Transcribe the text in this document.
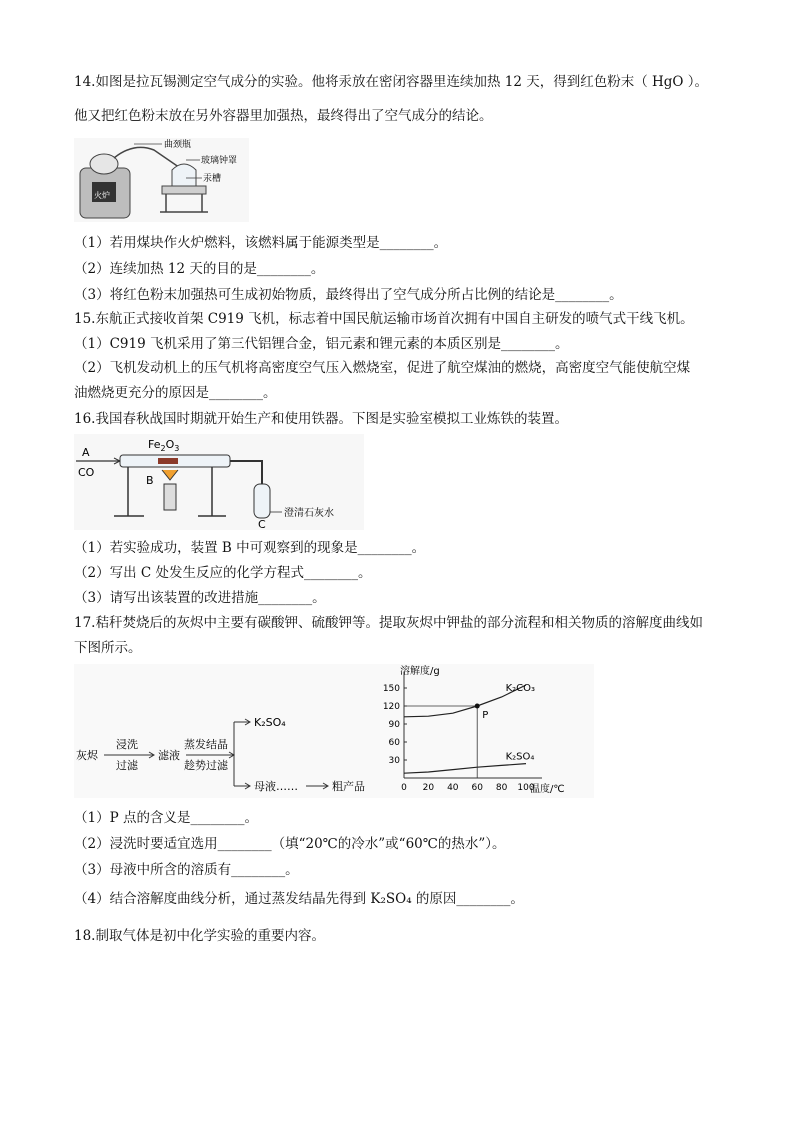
14.如图是拉瓦锡测定空气成分的实验。他将汞放在密闭容器里连续加热 12 天，得到红色粉末（ HgO ）。
他又把红色粉末放在另外容器里加强热，最终得出了空气成分的结论。
火炉
曲颈瓶
玻璃钟罩
汞槽
（1）若用煤块作火炉燃料，该燃料属于能源类型是________。
（2）连续加热 12 天的目的是________。
（3）将红色粉末加强热可生成初始物质，最终得出了空气成分所占比例的结论是________。
15.东航正式接收首架 C919 飞机，标志着中国民航运输市场首次拥有中国自主研发的喷气式干线飞机。
（1）C919 飞机采用了第三代铝锂合金，铝元素和锂元素的本质区别是________。
（2）飞机发动机上的压气机将高密度空气压入燃烧室，促进了航空煤油的燃烧，高密度空气能使航空煤
油燃烧更充分的原因是________。
16.我国春秋战国时期就开始生产和使用铁器。下图是实验室模拟工业炼铁的装置。
A
CO
$Fe_2O_3$
B
C
澄清石灰水
（1）若实验成功，装置 B 中可观察到的现象是________。
（2）写出 C 处发生反应的化学方程式________。
（3）请写出该装置的改进措施________。
17.秸秆焚烧后的灰烬中主要有碳酸钾、硫酸钾等。提取灰烬中钾盐的部分流程和相关物质的溶解度曲线如
下图所示。
灰烬
浸洗
过滤
滤液
蒸发结晶
趁势过滤
K₂SO₄
母液……	粗产品
溶解度/g
温度/℃
0 20 40 60 80 100
30
60
90
120
150	K₂CO₃
K₂SO₄
P
（1）P 点的含义是________。
（2）浸洗时要适宜选用________（填“20℃的冷水”或“60℃的热水”）。
（3）母液中所含的溶质有________。
（4）结合溶解度曲线分析，通过蒸发结晶先得到 K₂SO₄ 的原因________。
18.制取气体是初中化学实验的重要内容。
